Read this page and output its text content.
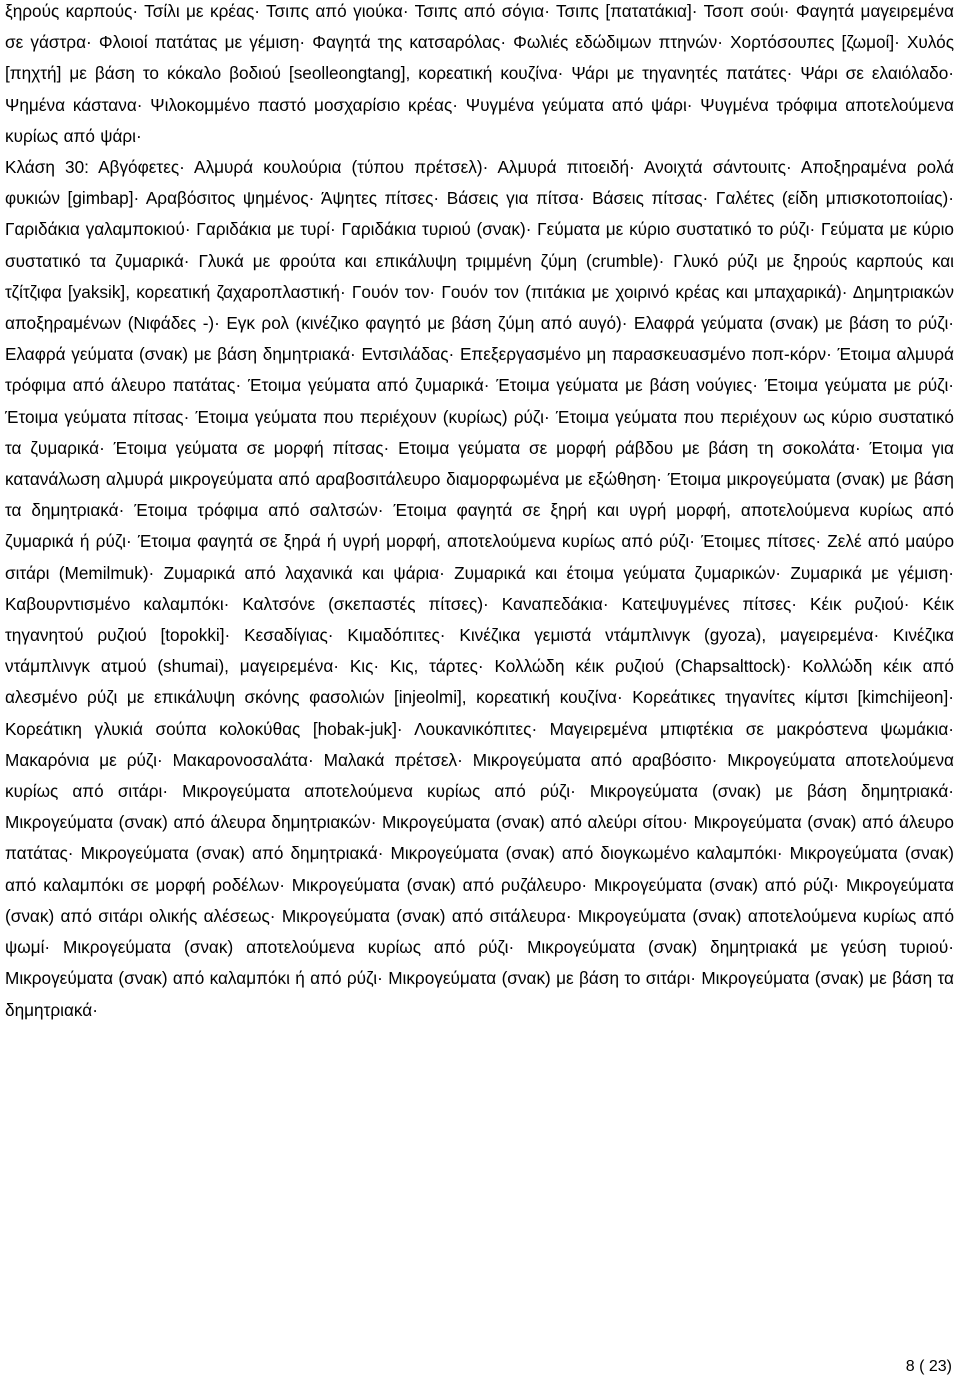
ξηρούς καρπούς· Τσίλι με κρέας· Τσιπς από γιούκα· Τσιπς από σόγια· Τσιπς [πατατάκια]· Τσοπ σούι· Φαγητά μαγειρεμένα σε γάστρα· Φλοιοί πατάτας με γέμιση· Φαγητά της κατσαρόλας· Φωλιές εδώδιμων πτηνών· Χορτόσουπες [ζωμοί]· Χυλός [πηχτή] με βάση το κόκαλο βοδιού [seolleongtang], κορεατική κουζίνα· Ψάρι με τηγανητές πατάτες· Ψάρι σε ελαιόλαδο· Ψημένα κάστανα· Ψιλοκομμένο παστό μοσχαρίσιο κρέας· Ψυγμένα γεύματα από ψάρι· Ψυγμένα τρόφιμα αποτελούμενα κυρίως από ψάρι·

Κλάση 30: Αβγόφετες· Αλμυρά κουλούρια (τύπου πρέτσελ)· Αλμυρά πιτοειδή· Ανοιχτά σάντουιτς· Αποξηραμένα ρολά φυκιών [gimbap]· Αραβόσιτος ψημένος· Άψητες πίτσες· Βάσεις για πίτσα· Βάσεις πίτσας· Γαλέτες (είδη μπισκοτοποιίας)· Γαριδάκια γαλαμποκιού· Γαριδάκια με τυρί· Γαριδάκια τυριού (σνακ)· Γεύματα με κύριο συστατικό το ρύζι· Γεύματα με κύριο συστατικό τα ζυμαρικά· Γλυκά με φρούτα και επικάλυψη τριμμένη ζύμη (crumble)· Γλυκό ρύζι με ξηρούς καρπούς και τζίτζιφα [yaksik], κορεατική ζαχαροπλαστική· Γουόν τον· Γουόν τον (πιτάκια με χοιρινό κρέας και μπαχαρικά)· Δημητριακών αποξηραμένων (Νιφάδες -)· Εγκ ρολ (κινέζικο φαγητό με βάση ζύμη από αυγό)· Ελαφρά γεύματα (σνακ) με βάση το ρύζι· Ελαφρά γεύματα (σνακ) με βάση δημητριακά· Εντσιλάδας· Επεξεργασμένο μη παρασκευασμένο ποπ-κόρν· Έτοιμα αλμυρά τρόφιμα από άλευρο πατάτας· Έτοιμα γεύματα από ζυμαρικά· Έτοιμα γεύματα με βάση νούγιες· Έτοιμα γεύματα με ρύζι· Έτοιμα γεύματα πίτσας· Έτοιμα γεύματα που περιέχουν (κυρίως) ρύζι· Έτοιμα γεύματα που περιέχουν ως κύριο συστατικό τα ζυμαρικά· Έτοιμα γεύματα σε μορφή πίτσας· Ετοιμα γεύματα σε μορφή ράβδου με βάση τη σοκολάτα· Έτοιμα για κατανάλωση αλμυρά μικρογεύματα από αραβοσιτάλευρο διαμορφωμένα με εξώθηση· Έτοιμα μικρογεύματα (σνακ) με βάση τα δημητριακά· Έτοιμα τρόφιμα από σαλτσών· Έτοιμα φαγητά σε ξηρή και υγρή μορφή, αποτελούμενα κυρίως από ζυμαρικά ή ρύζι· Έτοιμα φαγητά σε ξηρά ή υγρή μορφή, αποτελούμενα κυρίως από ρύζι· Έτοιμες πίτσες· Ζελέ από μαύρο σιτάρι (Memilmuk)· Ζυμαρικά από λαχανικά και ψάρια· Ζυμαρικά και έτοιμα γεύματα ζυμαρικών· Ζυμαρικά με γέμιση· Καβουρντισμένο καλαμπόκι· Καλτσόνε (σκεπαστές πίτσες)· Καναπεδάκια· Κατεψυγμένες πίτσες· Κέικ ρυζιού· Κέικ τηγανητού ρυζιού [topokki]· Κεσαδίγιας· Κιμαδόπιτες· Κινέζικα γεμιστά ντάμπλινγκ (gyoza), μαγειρεμένα· Κινέζικα ντάμπλινγκ ατμού (shumai), μαγειρεμένα· Κις· Κις, τάρτες· Κολλώδη κέικ ρυζιού (Chapsalttock)· Κολλώδη κέικ από αλεσμένο ρύζι με επικάλυψη σκόνης φασολιών [injeolmi], κορεατική κουζίνα· Κορεάτικες τηγανίτες κίμτσι [kimchijeon]· Κορεάτικη γλυκιά σούπα κολοκύθας [hobak-juk]· Λουκανικόπιτες· Μαγειρεμένα μπιφτέκια σε μακρόστενα ψωμάκια· Μακαρόνια με ρύζι· Μακαρονοσαλάτα· Μαλακά πρέτσελ· Μικρογεύματα από αραβόσιτο· Μικρογεύματα αποτελούμενα κυρίως από σιτάρι· Μικρογεύματα αποτελούμενα κυρίως από ρύζι· Μικρογεύματα (σνακ) με βάση δημητριακά· Μικρογεύματα (σνακ) από άλευρα δημητριακών· Μικρογεύματα (σνακ) από αλεύρι σίτου· Μικρογεύματα (σνακ) από άλευρο πατάτας· Μικρογεύματα (σνακ) από δημητριακά· Μικρογεύματα (σνακ) από διογκωμένο καλαμπόκι· Μικρογεύματα (σνακ) από καλαμπόκι σε μορφή ροδέλων· Μικρογεύματα (σνακ) από ρυζάλευρο· Μικρογεύματα (σνακ) από ρύζι· Μικρογεύματα (σνακ) από σιτάρι ολικής αλέσεως· Μικρογεύματα (σνακ) από σιτάλευρα· Μικρογεύματα (σνακ) αποτελούμενα κυρίως από ψωμί· Μικρογεύματα (σνακ) αποτελούμενα κυρίως από ρύζι· Μικρογεύματα (σνακ) δημητριακά με γεύση τυριού· Μικρογεύματα (σνακ) από καλαμπόκι ή από ρύζι· Μικρογεύματα (σνακ) με βάση το σιτάρι· Μικρογεύματα (σνακ) με βάση τα δημητριακά·

8 ( 23)
